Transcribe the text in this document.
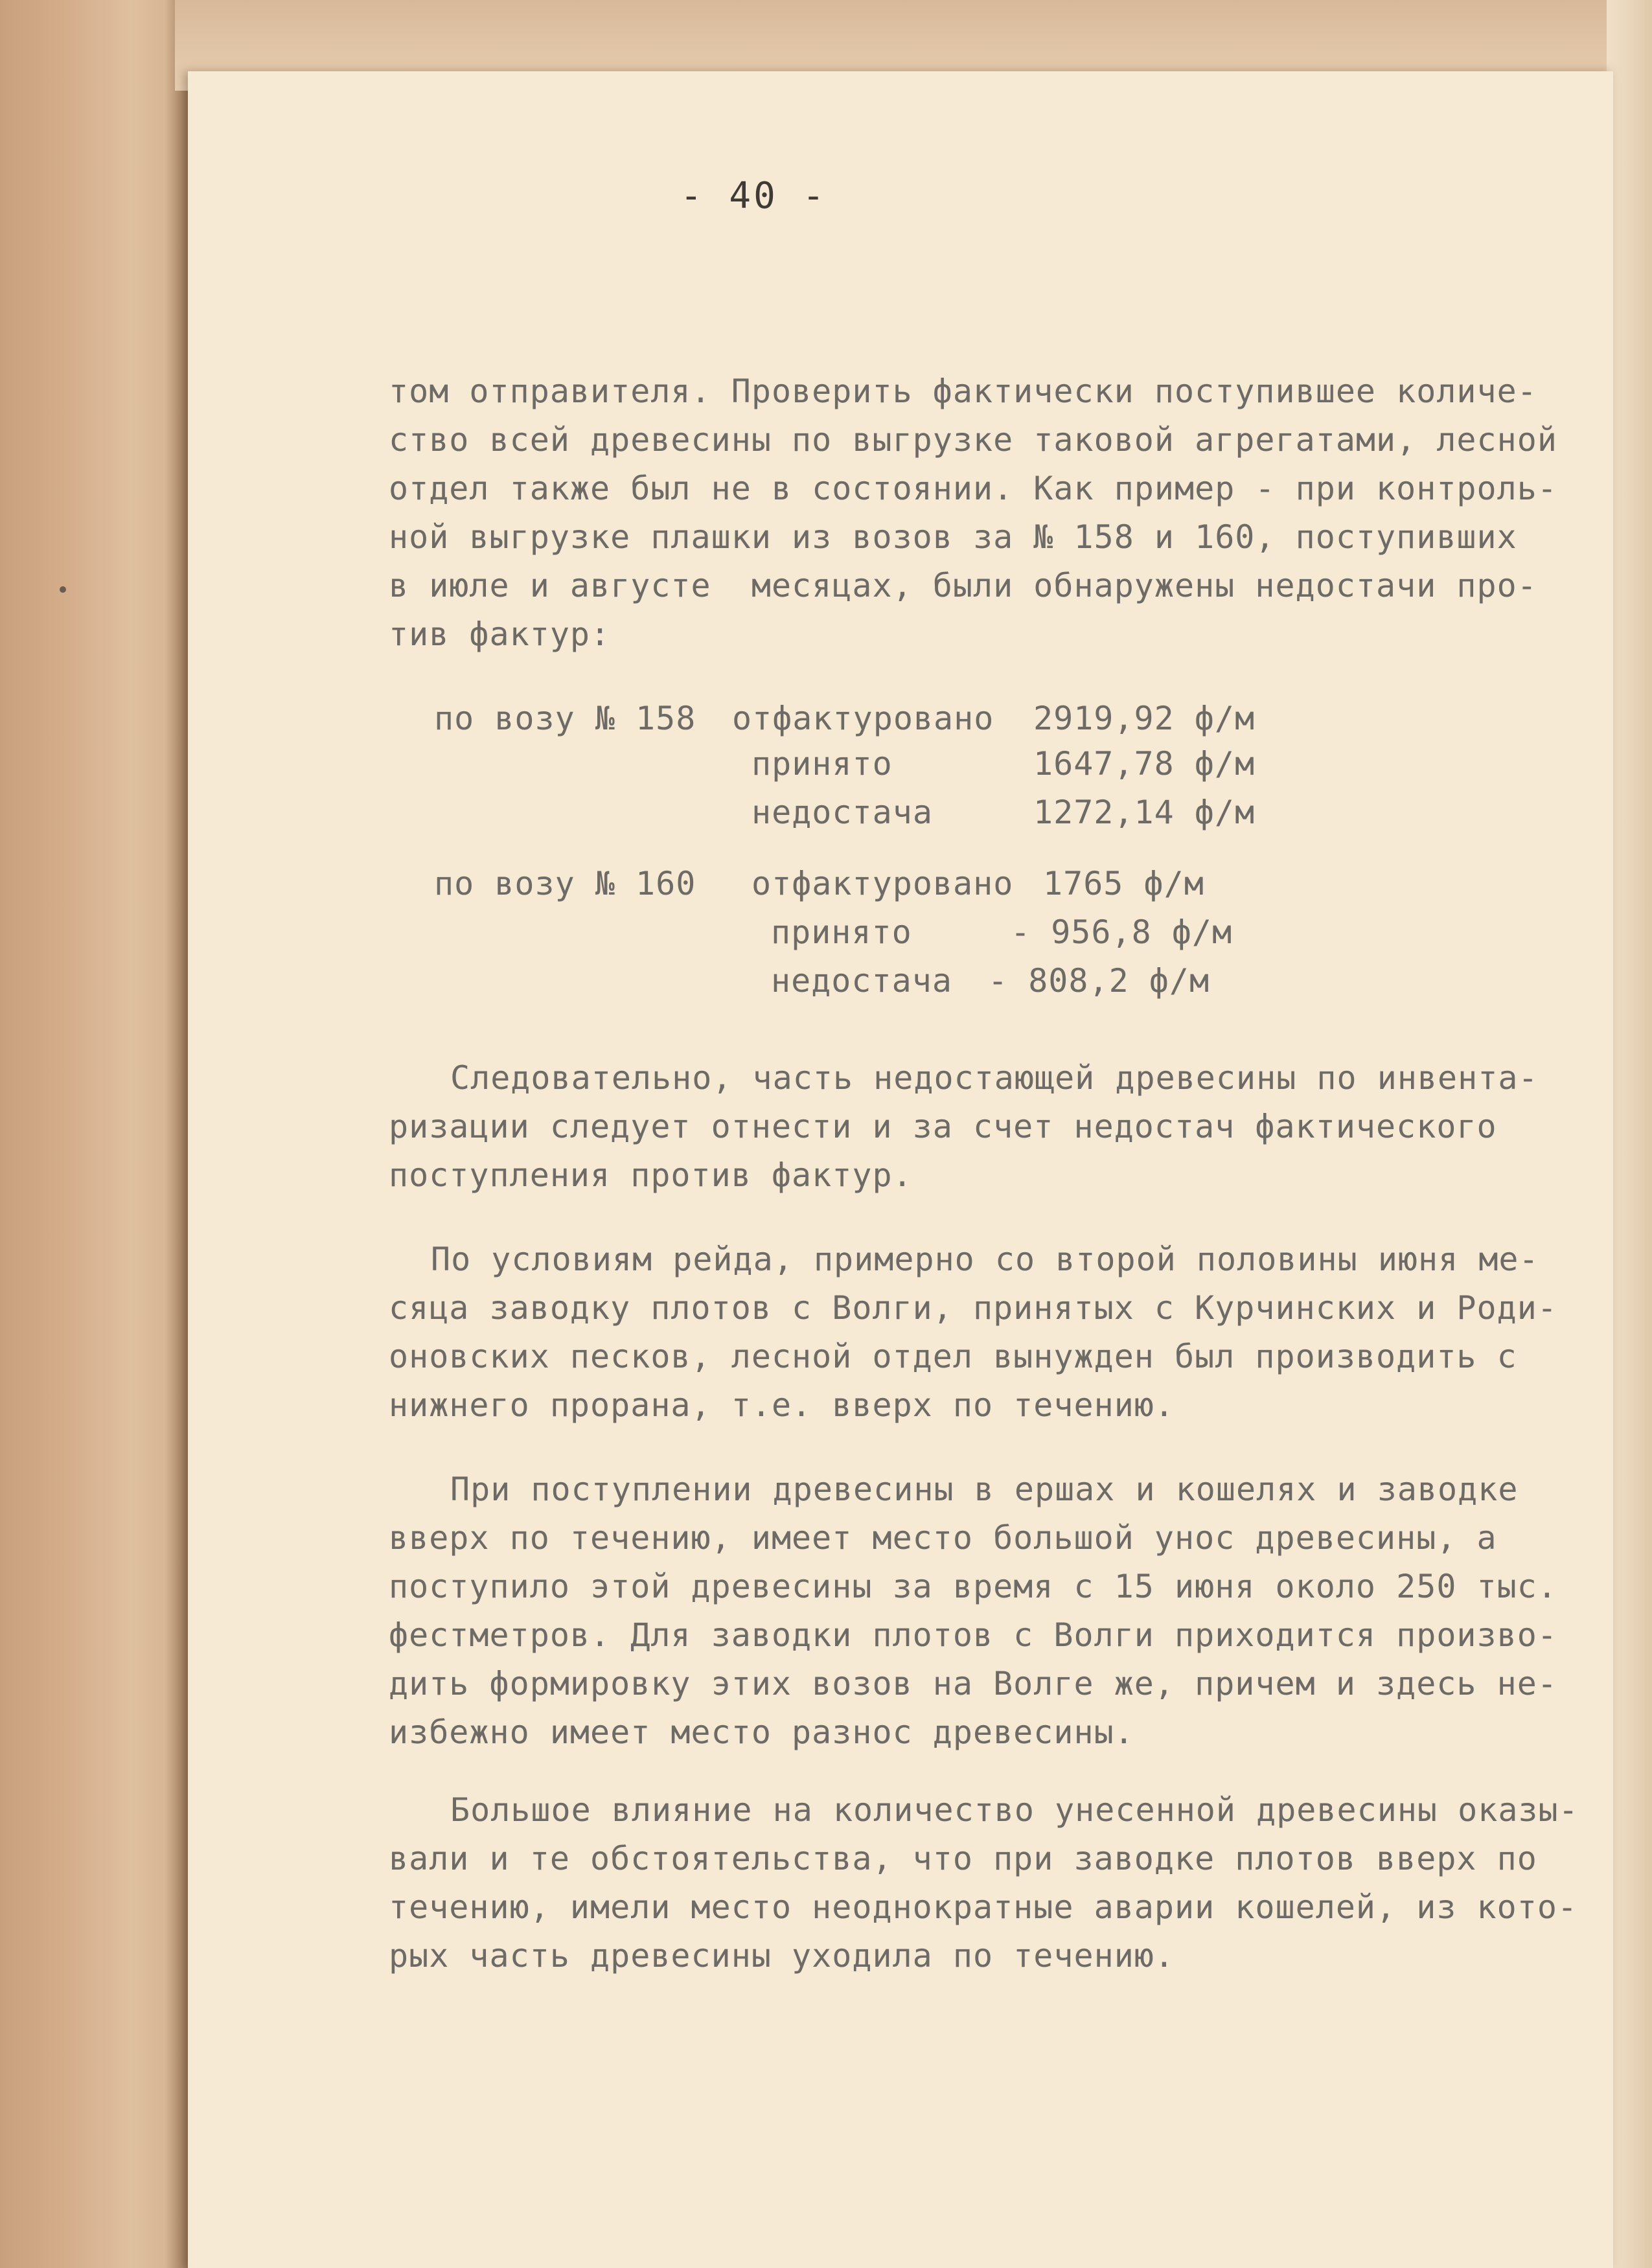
- 40 -
том отправителя. Проверить фактически поступившее количе-
ство всей древесины по выгрузке таковой агрегатами, лесной
отдел также был не в состоянии. Как пример - при контроль-
ной выгрузке плашки из возов за № 158 и 160, поступивших
в июле и августе  месяцах, были обнаружены недостачи про-
тив фактур:
по возу № 158 отфактуровано 2919,92 ф/м
принято	1647,78 ф/м
недостача	1272,14 ф/м
по возу № 160 отфактуровано 1765 ф/м
принято	- 956,8 ф/м
недостача - 808,2 ф/м
Следовательно, часть недостающей древесины по инвента-
ризации следует отнести и за счет недостач фактического
поступления против фактур.
По условиям рейда, примерно со второй половины июня ме-
сяца заводку плотов с Волги, принятых с Курчинских и Роди-
оновских песков, лесной отдел вынужден был производить с
нижнего прорана, т.е. вверх по течению.
При поступлении древесины в ершах и кошелях и заводке
вверх по течению, имеет место большой унос древесины, а
поступило этой древесины за время с 15 июня около 250 тыс.
фестметров. Для заводки плотов с Волги приходится произво-
дить формировку этих возов на Волге же, причем и здесь не-
избежно имеет место разнос древесины.
Большое влияние на количество унесенной древесины оказы-
вали и те обстоятельства, что при заводке плотов вверх по
течению, имели место неоднократные аварии кошелей, из кото-
рых часть древесины уходила по течению.
